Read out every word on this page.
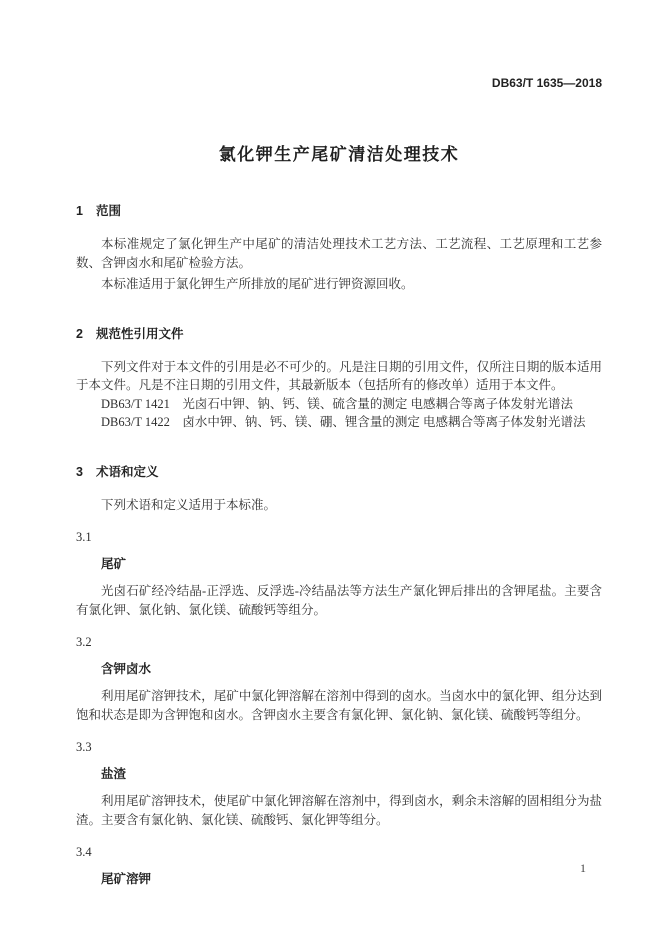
DB63/T 1635—2018
氯化钾生产尾矿清洁处理技术
1 范围

本标准规定了氯化钾生产中尾矿的清洁处理技术工艺方法、工艺流程、工艺原理和工艺参数、含钾卤水和尾矿检验方法。

本标准适用于氯化钾生产所排放的尾矿进行钾资源回收。

2 规范性引用文件

下列文件对于本文件的引用是必不可少的。凡是注日期的引用文件，仅所注日期的版本适用于本文件。凡是不注日期的引用文件，其最新版本（包括所有的修改单）适用于本文件。

DB63/T 1421　光卤石中钾、钠、钙、镁、硫含量的测定 电感耦合等离子体发射光谱法

DB63/T 1422　卤水中钾、钠、钙、镁、硼、锂含量的测定 电感耦合等离子体发射光谱法

3 术语和定义

下列术语和定义适用于本标准。

3.1

尾矿

光卤石矿经冷结晶-正浮选、反浮选-冷结晶法等方法生产氯化钾后排出的含钾尾盐。主要含有氯化钾、氯化钠、氯化镁、硫酸钙等组分。

3.2

含钾卤水

利用尾矿溶钾技术，尾矿中氯化钾溶解在溶剂中得到的卤水。当卤水中的氯化钾、组分达到饱和状态是即为含钾饱和卤水。含钾卤水主要含有氯化钾、氯化钠、氯化镁、硫酸钙等组分。

3.3

盐渣

利用尾矿溶钾技术，使尾矿中氯化钾溶解在溶剂中，得到卤水，剩余未溶解的固相组分为盐渣。主要含有氯化钠、氯化镁、硫酸钙、氯化钾等组分。

3.4

尾矿溶钾

1
